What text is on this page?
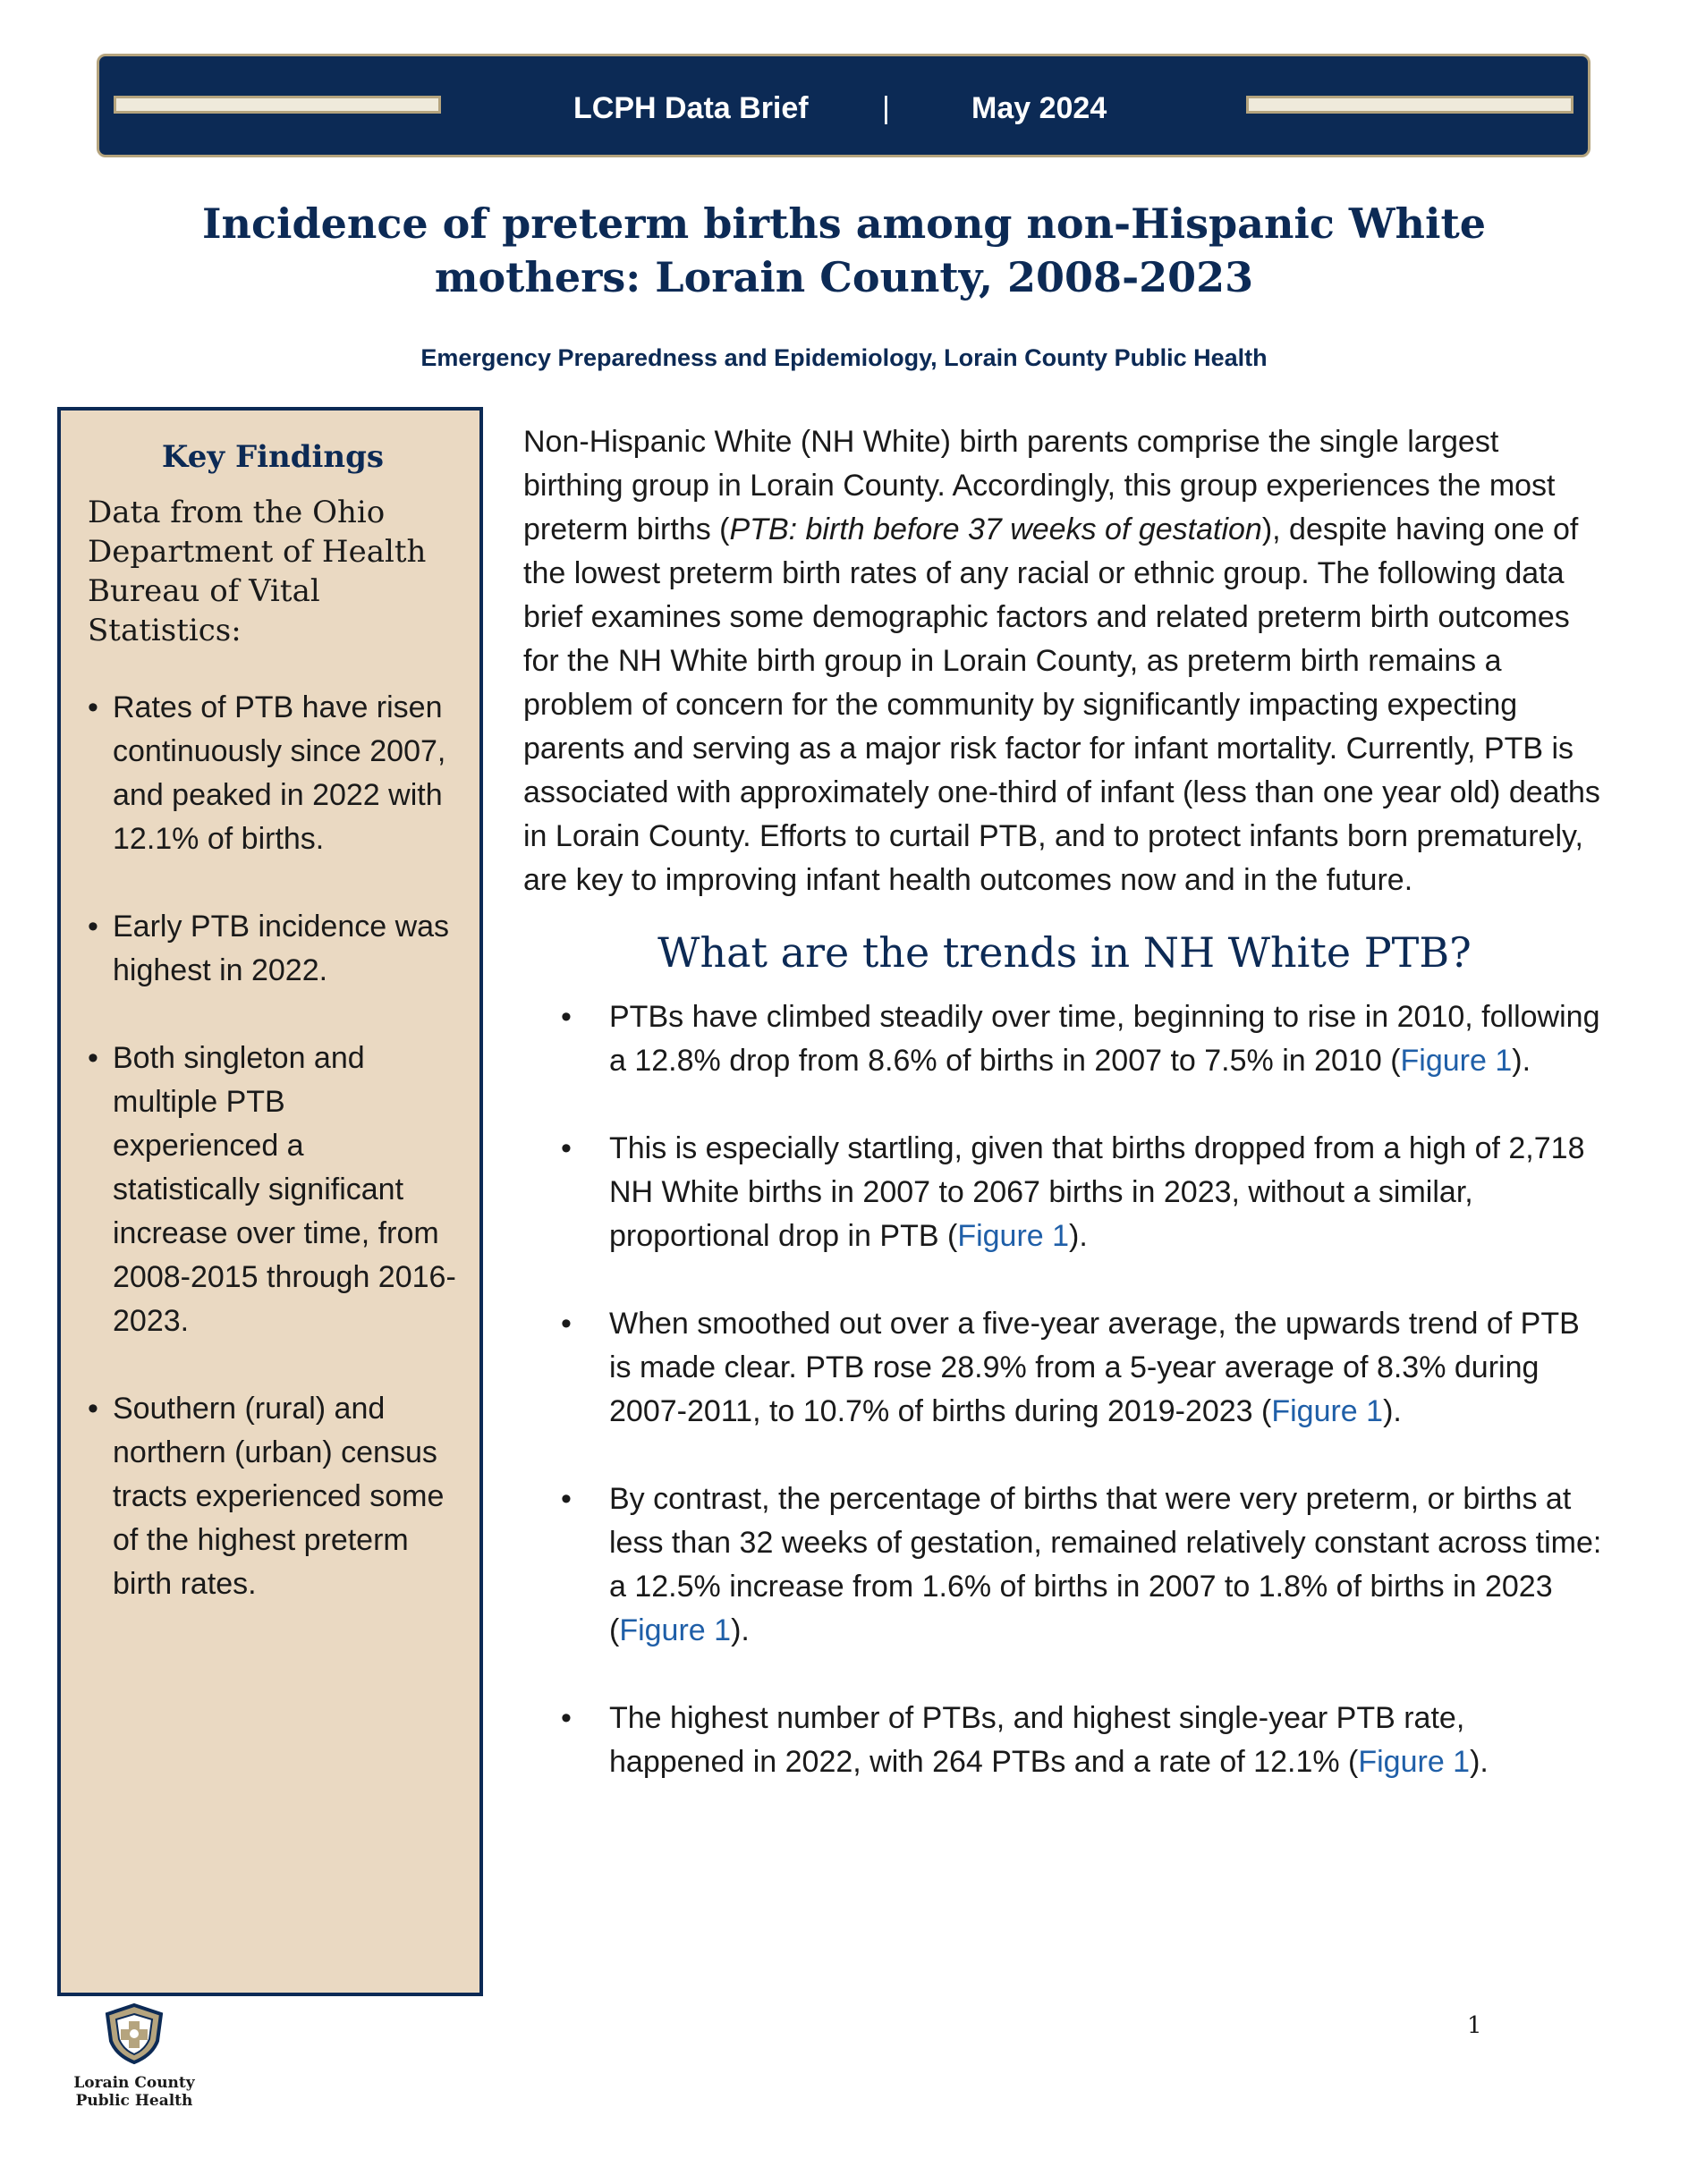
LCPH Data Brief |	May 2024
Incidence of preterm births among non-Hispanic White
mothers: Lorain County, 2008-2023
Emergency Preparedness and Epidemiology, Lorain County Public Health
Key Findings

Data from the Ohio Department of Health Bureau of Vital Statistics:

• Rates of PTB have risen continuously since 2007, and peaked in 2022 with 12.1% of births.
• Early PTB incidence was highest in 2022.
• Both singleton and multiple PTB experienced a statistically significant increase over time, from 2008-2015 through 2016-2023.
• Southern (rural) and northern (urban) census tracts experienced some of the highest preterm birth rates.

Non-Hispanic White (NH White) birth parents comprise the single largest birthing group in Lorain County. Accordingly, this group experiences the most preterm births (PTB: birth before 37 weeks of gestation), despite having one of the lowest preterm birth rates of any racial or ethnic group. The following data brief examines some demographic factors and related preterm birth outcomes for the NH White birth group in Lorain County, as preterm birth remains a problem of concern for the community by significantly impacting expecting parents and serving as a major risk factor for infant mortality. Currently, PTB is associated with approximately one-third of infant (less than one year old) deaths in Lorain County. Efforts to curtail PTB, and to protect infants born prematurely, are key to improving infant health outcomes now and in the future.

What are the trends in NH White PTB?
• PTBs have climbed steadily over time, beginning to rise in 2010, following a 12.8% drop from 8.6% of births in 2007 to 7.5% in 2010 (Figure 1).
• This is especially startling, given that births dropped from a high of 2,718 NH White births in 2007 to 2067 births in 2023, without a similar, proportional drop in PTB (Figure 1).
• When smoothed out over a five-year average, the upwards trend of PTB is made clear. PTB rose 28.9% from a 5-year average of 8.3% during 2007-2011, to 10.7% of births during 2019-2023 (Figure 1).
• By contrast, the percentage of births that were very preterm, or births at less than 32 weeks of gestation, remained relatively constant across time: a 12.5% increase from 1.6% of births in 2007 to 1.8% of births in 2023 (Figure 1).
• The highest number of PTBs, and highest single-year PTB rate, happened in 2022, with 264 PTBs and a rate of 12.1% (Figure 1).
Lorain County
Public Health
1
